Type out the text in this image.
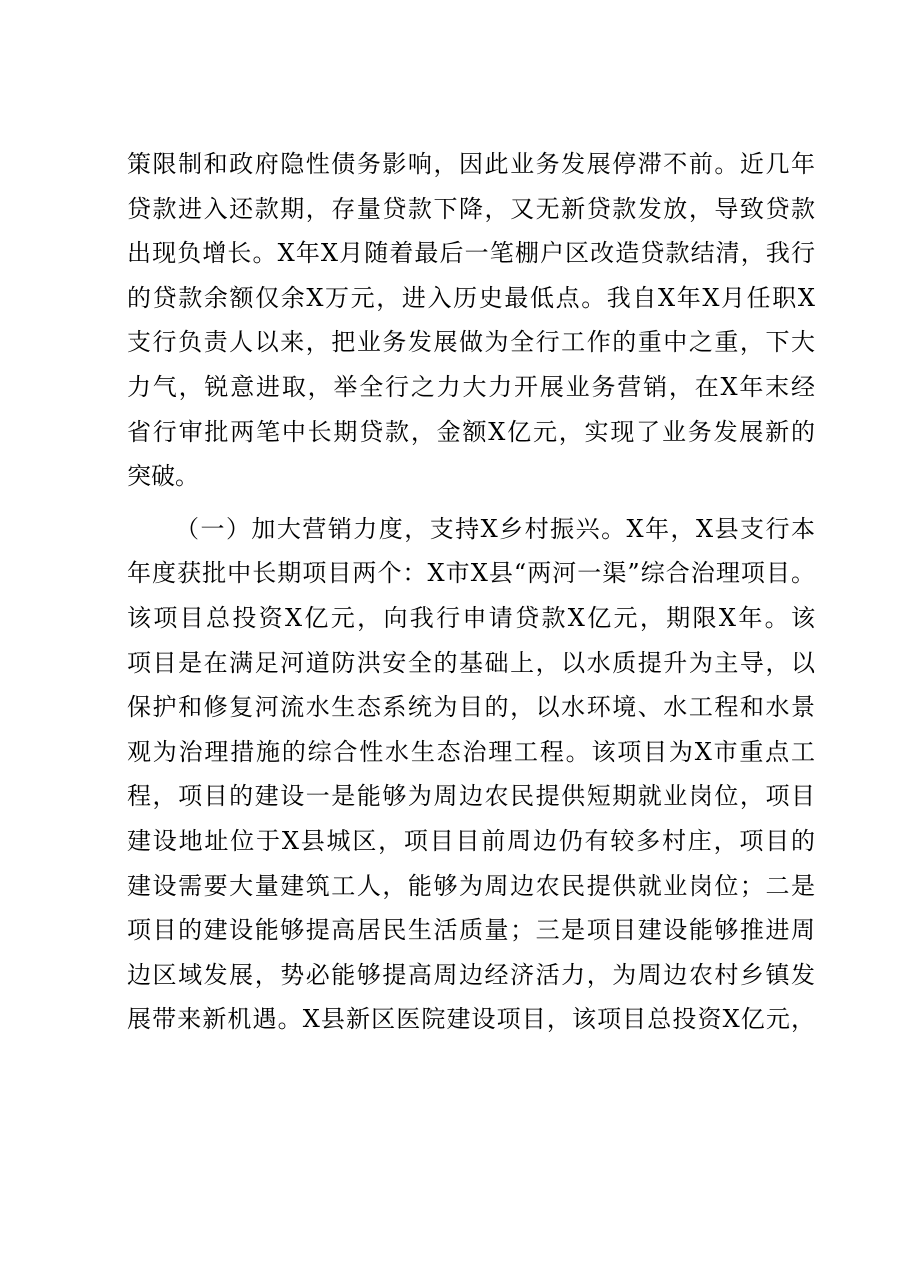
策限制和政府隐性债务影响，因此业务发展停滞不前。近几年
贷款进入还款期，存量贷款下降，又无新贷款发放，导致贷款
出现负增长。X年X月随着最后一笔棚户区改造贷款结清，我行
的贷款余额仅余X万元，进入历史最低点。我自X年X月任职X
支行负责人以来，把业务发展做为全行工作的重中之重，下大
力气，锐意进取，举全行之力大力开展业务营销，在X年末经
省行审批两笔中长期贷款，金额X亿元，实现了业务发展新的
突破。
（一）加大营销力度，支持X乡村振兴。X年，X县支行本
年度获批中长期项目两个：X市X县“两河一渠”综合治理项目。
该项目总投资X亿元，向我行申请贷款X亿元，期限X年。该
项目是在满足河道防洪安全的基础上，以水质提升为主导，以
保护和修复河流水生态系统为目的，以水环境、水工程和水景
观为治理措施的综合性水生态治理工程。该项目为X市重点工
程，项目的建设一是能够为周边农民提供短期就业岗位，项目
建设地址位于X县城区，项目目前周边仍有较多村庄，项目的
建设需要大量建筑工人，能够为周边农民提供就业岗位；二是
项目的建设能够提高居民生活质量；三是项目建设能够推进周
边区域发展，势必能够提高周边经济活力，为周边农村乡镇发
展带来新机遇。X县新区医院建设项目，该项目总投资X亿元，
